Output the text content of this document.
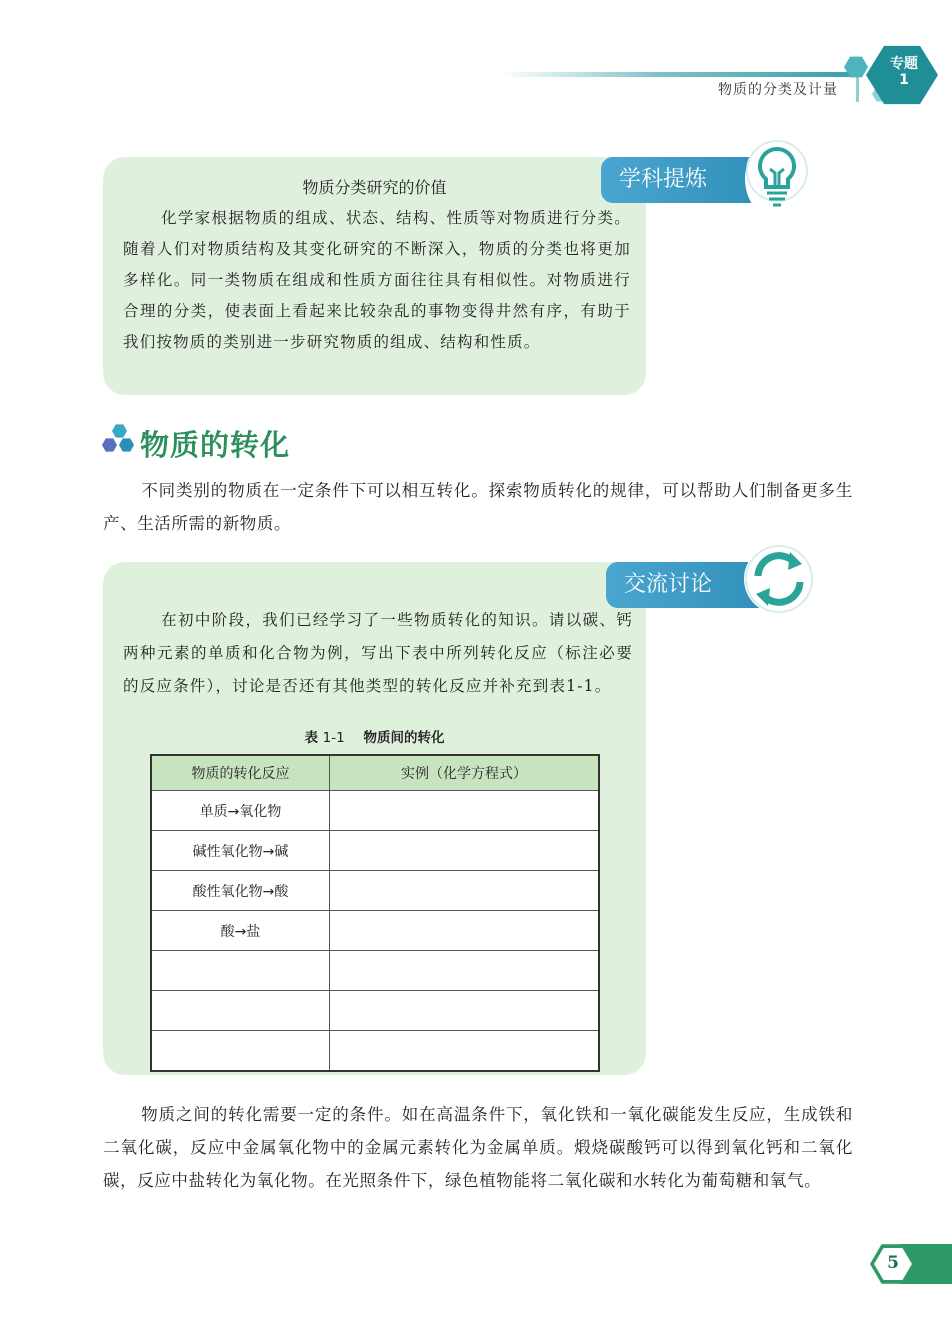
物质的分类及计量
专题
1
物质分类研究的价值
化学家根据物质的组成、状态、结构、性质等对物质进行分类。随着人们对物质结构及其变化研究的不断深入，物质的分类也将更加多样化。同一类物质在组成和性质方面往往具有相似性。对物质进行合理的分类，使表面上看起来比较杂乱的事物变得井然有序，有助于我们按物质的类别进一步研究物质的组成、结构和性质。
学科提炼
物质的转化
不同类别的物质在一定条件下可以相互转化。探索物质转化的规律，可以帮助人们制备更多生产、生活所需的新物质。
在初中阶段，我们已经学习了一些物质转化的知识。请以碳、钙两种元素的单质和化合物为例，写出下表中所列转化反应（标注必要的反应条件），讨论是否还有其他类型的转化反应并补充到表1-1。
表 1-1 物质间的转化
物质的转化反应	实例（化学方程式）
单质→氧化物	
碱性氧化物→碱	
酸性氧化物→酸	
酸→盐	

交流讨论
物质之间的转化需要一定的条件。如在高温条件下，氧化铁和一氧化碳能发生反应，生成铁和二氧化碳，反应中金属氧化物中的金属元素转化为金属单质。煅烧碳酸钙可以得到氧化钙和二氧化碳，反应中盐转化为氧化物。在光照条件下，绿色植物能将二氧化碳和水转化为葡萄糖和氧气。
5
